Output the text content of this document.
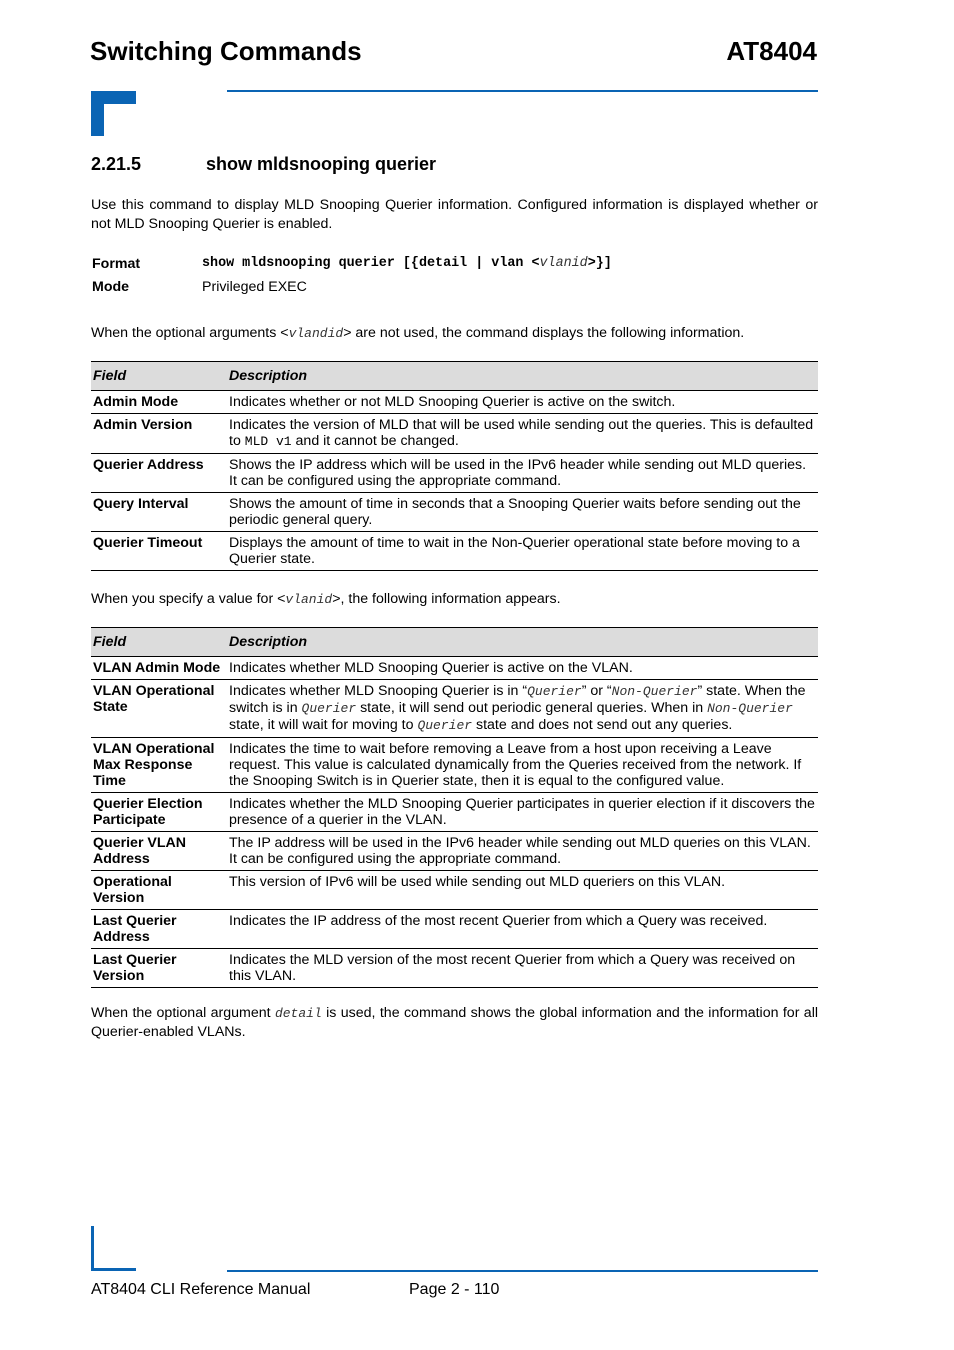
Switching Commands	AT8404
2.21.5	show mldsnooping querier
Use this command to display MLD Snooping Querier information. Configured information is displayed whether or not MLD Snooping Querier is enabled.
Format	show mldsnooping querier [{detail | vlan <vlanid>}]
Mode	Privileged EXEC
When the optional arguments <vlandid> are not used, the command displays the following information.
Field	Description
Admin Mode	Indicates whether or not MLD Snooping Querier is active on the switch.
Admin Version	Indicates the version of MLD that will be used while sending out the queries. This is defaulted to MLD v1 and it cannot be changed.
Querier Address	Shows the IP address which will be used in the IPv6 header while sending out MLD queries. It can be configured using the appropriate command.
Query Interval	Shows the amount of time in seconds that a Snooping Querier waits before sending out the periodic general query.
Querier Timeout	Displays the amount of time to wait in the Non-Querier operational state before moving to a Querier state.
When you specify a value for <vlanid>, the following information appears.
Field	Description
VLAN Admin Mode	Indicates whether MLD Snooping Querier is active on the VLAN.
VLAN Operational State	Indicates whether MLD Snooping Querier is in “Querier” or “Non-Querier” state. When the switch is in Querier state, it will send out periodic general queries. When in Non-Querier state, it will wait for moving to Querier state and does not send out any queries.
VLAN Operational Max Response Time	Indicates the time to wait before removing a Leave from a host upon receiving a Leave request. This value is calculated dynamically from the Queries received from the network. If the Snooping Switch is in Querier state, then it is equal to the configured value.
Querier Election Participate	Indicates whether the MLD Snooping Querier participates in querier election if it discovers the presence of a querier in the VLAN.
Querier VLAN Address	The IP address will be used in the IPv6 header while sending out MLD queries on this VLAN. It can be configured using the appropriate command.
Operational Version	This version of IPv6 will be used while sending out MLD queriers on this VLAN.
Last Querier Address	Indicates the IP address of the most recent Querier from which a Query was received.
Last Querier Version	Indicates the MLD version of the most recent Querier from which a Query was received on this VLAN.
When the optional argument detail is used, the command shows the global information and the information for all Querier-enabled VLANs.
AT8404 CLI Reference Manual	Page 2 - 110
